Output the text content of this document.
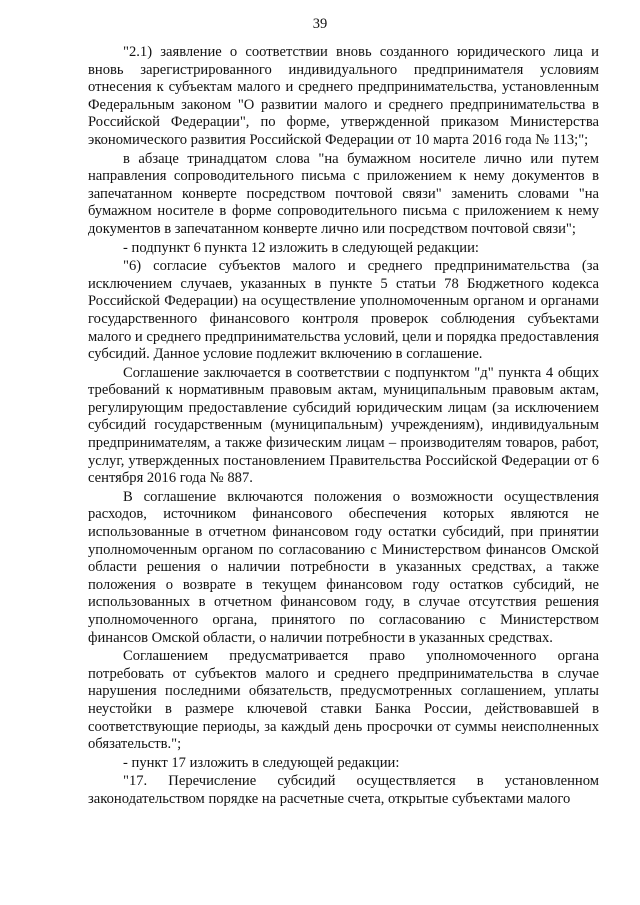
39

"2.1) заявление о соответствии вновь созданного юридического лица и вновь зарегистрированного индивидуального предпринимателя условиям отнесения к субъектам малого и среднего предпринимательства, установленным Федеральным законом "О развитии малого и среднего предпринимательства в Российской Федерации", по форме, утвержденной приказом Министерства экономического развития Российской Федерации от 10 марта 2016 года № 113;";

в абзаце тринадцатом слова "на бумажном носителе лично или путем направления сопроводительного письма с приложением к нему документов в запечатанном конверте посредством почтовой связи" заменить словами "на бумажном носителе в форме сопроводительного письма с приложением к нему документов в запечатанном конверте лично или посредством почтовой связи";

- подпункт 6 пункта 12 изложить в следующей редакции:

"6) согласие субъектов малого и среднего предпринимательства (за исключением случаев, указанных в пункте 5 статьи 78 Бюджетного кодекса Российской Федерации) на осуществление уполномоченным органом и органами государственного финансового контроля проверок соблюдения субъектами малого и среднего предпринимательства условий, цели и порядка предоставления субсидий. Данное условие подлежит включению в соглашение.

Соглашение заключается в соответствии с подпунктом "д" пункта 4 общих требований к нормативным правовым актам, муниципальным правовым актам, регулирующим предоставление субсидий юридическим лицам (за исключением субсидий государственным (муниципальным) учреждениям), индивидуальным предпринимателям, а также физическим лицам – производителям товаров, работ, услуг, утвержденных постановлением Правительства Российской Федерации от 6 сентября 2016 года № 887.

В соглашение включаются положения о возможности осуществления расходов, источником финансового обеспечения которых являются не использованные в отчетном финансовом году остатки субсидий, при принятии уполномоченным органом по согласованию с Министерством финансов Омской области решения о наличии потребности в указанных средствах, а также положения о возврате в текущем финансовом году остатков субсидий, не использованных в отчетном финансовом году, в случае отсутствия решения уполномоченного органа, принятого по согласованию с Министерством финансов Омской области, о наличии потребности в указанных средствах.

Соглашением предусматривается право уполномоченного органа потребовать от субъектов малого и среднего предпринимательства в случае нарушения последними обязательств, предусмотренных соглашением, уплаты неустойки в размере ключевой ставки Банка России, действовавшей в соответствующие периоды, за каждый день просрочки от суммы неисполненных обязательств.";

- пункт 17 изложить в следующей редакции:

"17. Перечисление субсидий осуществляется в установленном законодательством порядке на расчетные счета, открытые субъектами малого
